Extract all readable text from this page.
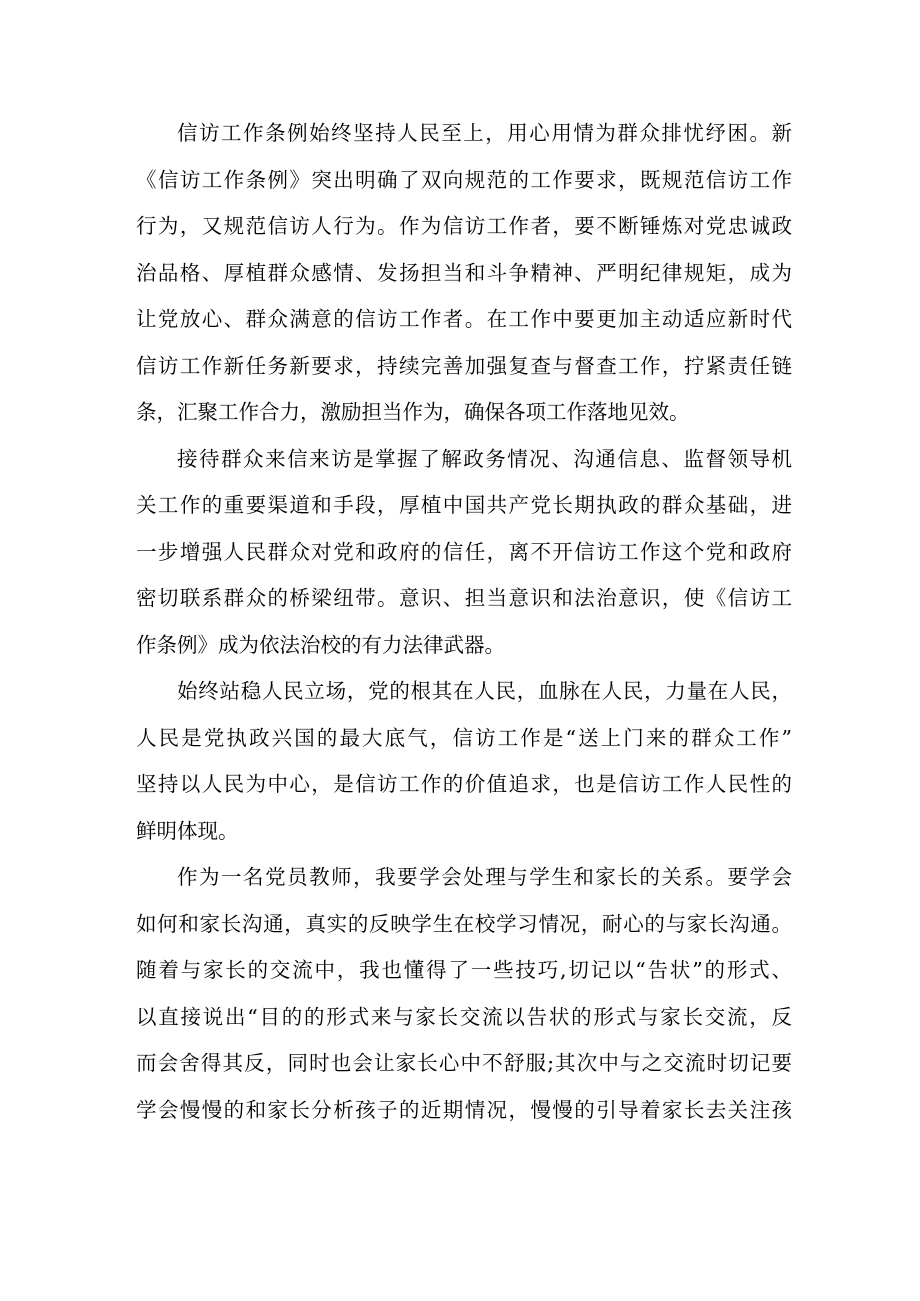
信访工作条例始终坚持人民至上，用心用情为群众排忧纾困。新
《信访工作条例》突出明确了双向规范的工作要求，既规范信访工作
行为，又规范信访人行为。作为信访工作者，要不断锤炼对党忠诚政
治品格、厚植群众感情、发扬担当和斗争精神、严明纪律规矩，成为
让党放心、群众满意的信访工作者。在工作中要更加主动适应新时代
信访工作新任务新要求，持续完善加强复查与督查工作，拧紧责任链
条，汇聚工作合力，激励担当作为，确保各项工作落地见效。
接待群众来信来访是掌握了解政务情况、沟通信息、监督领导机
关工作的重要渠道和手段，厚植中国共产党长期执政的群众基础，进
一步增强人民群众对党和政府的信任，离不开信访工作这个党和政府
密切联系群众的桥梁纽带。意识、担当意识和法治意识，使《信访工
作条例》成为依法治校的有力法律武器。
始终站稳人民立场，党的根其在人民，血脉在人民，力量在人民，
人民是党执政兴国的最大底气，信访工作是“送上门来的群众工作”
坚持以人民为中心，是信访工作的价值追求，也是信访工作人民性的
鲜明体现。
作为一名党员教师，我要学会处理与学生和家长的关系。要学会
如何和家长沟通，真实的反映学生在校学习情况，耐心的与家长沟通。
随着与家长的交流中，我也懂得了一些技巧,切记以“告状”的形式、
以直接说出“目的的形式来与家长交流以告状的形式与家长交流，反
而会舍得其反，同时也会让家长心中不舒服;其次中与之交流时切记要
学会慢慢的和家长分析孩子的近期情况，慢慢的引导着家长去关注孩
